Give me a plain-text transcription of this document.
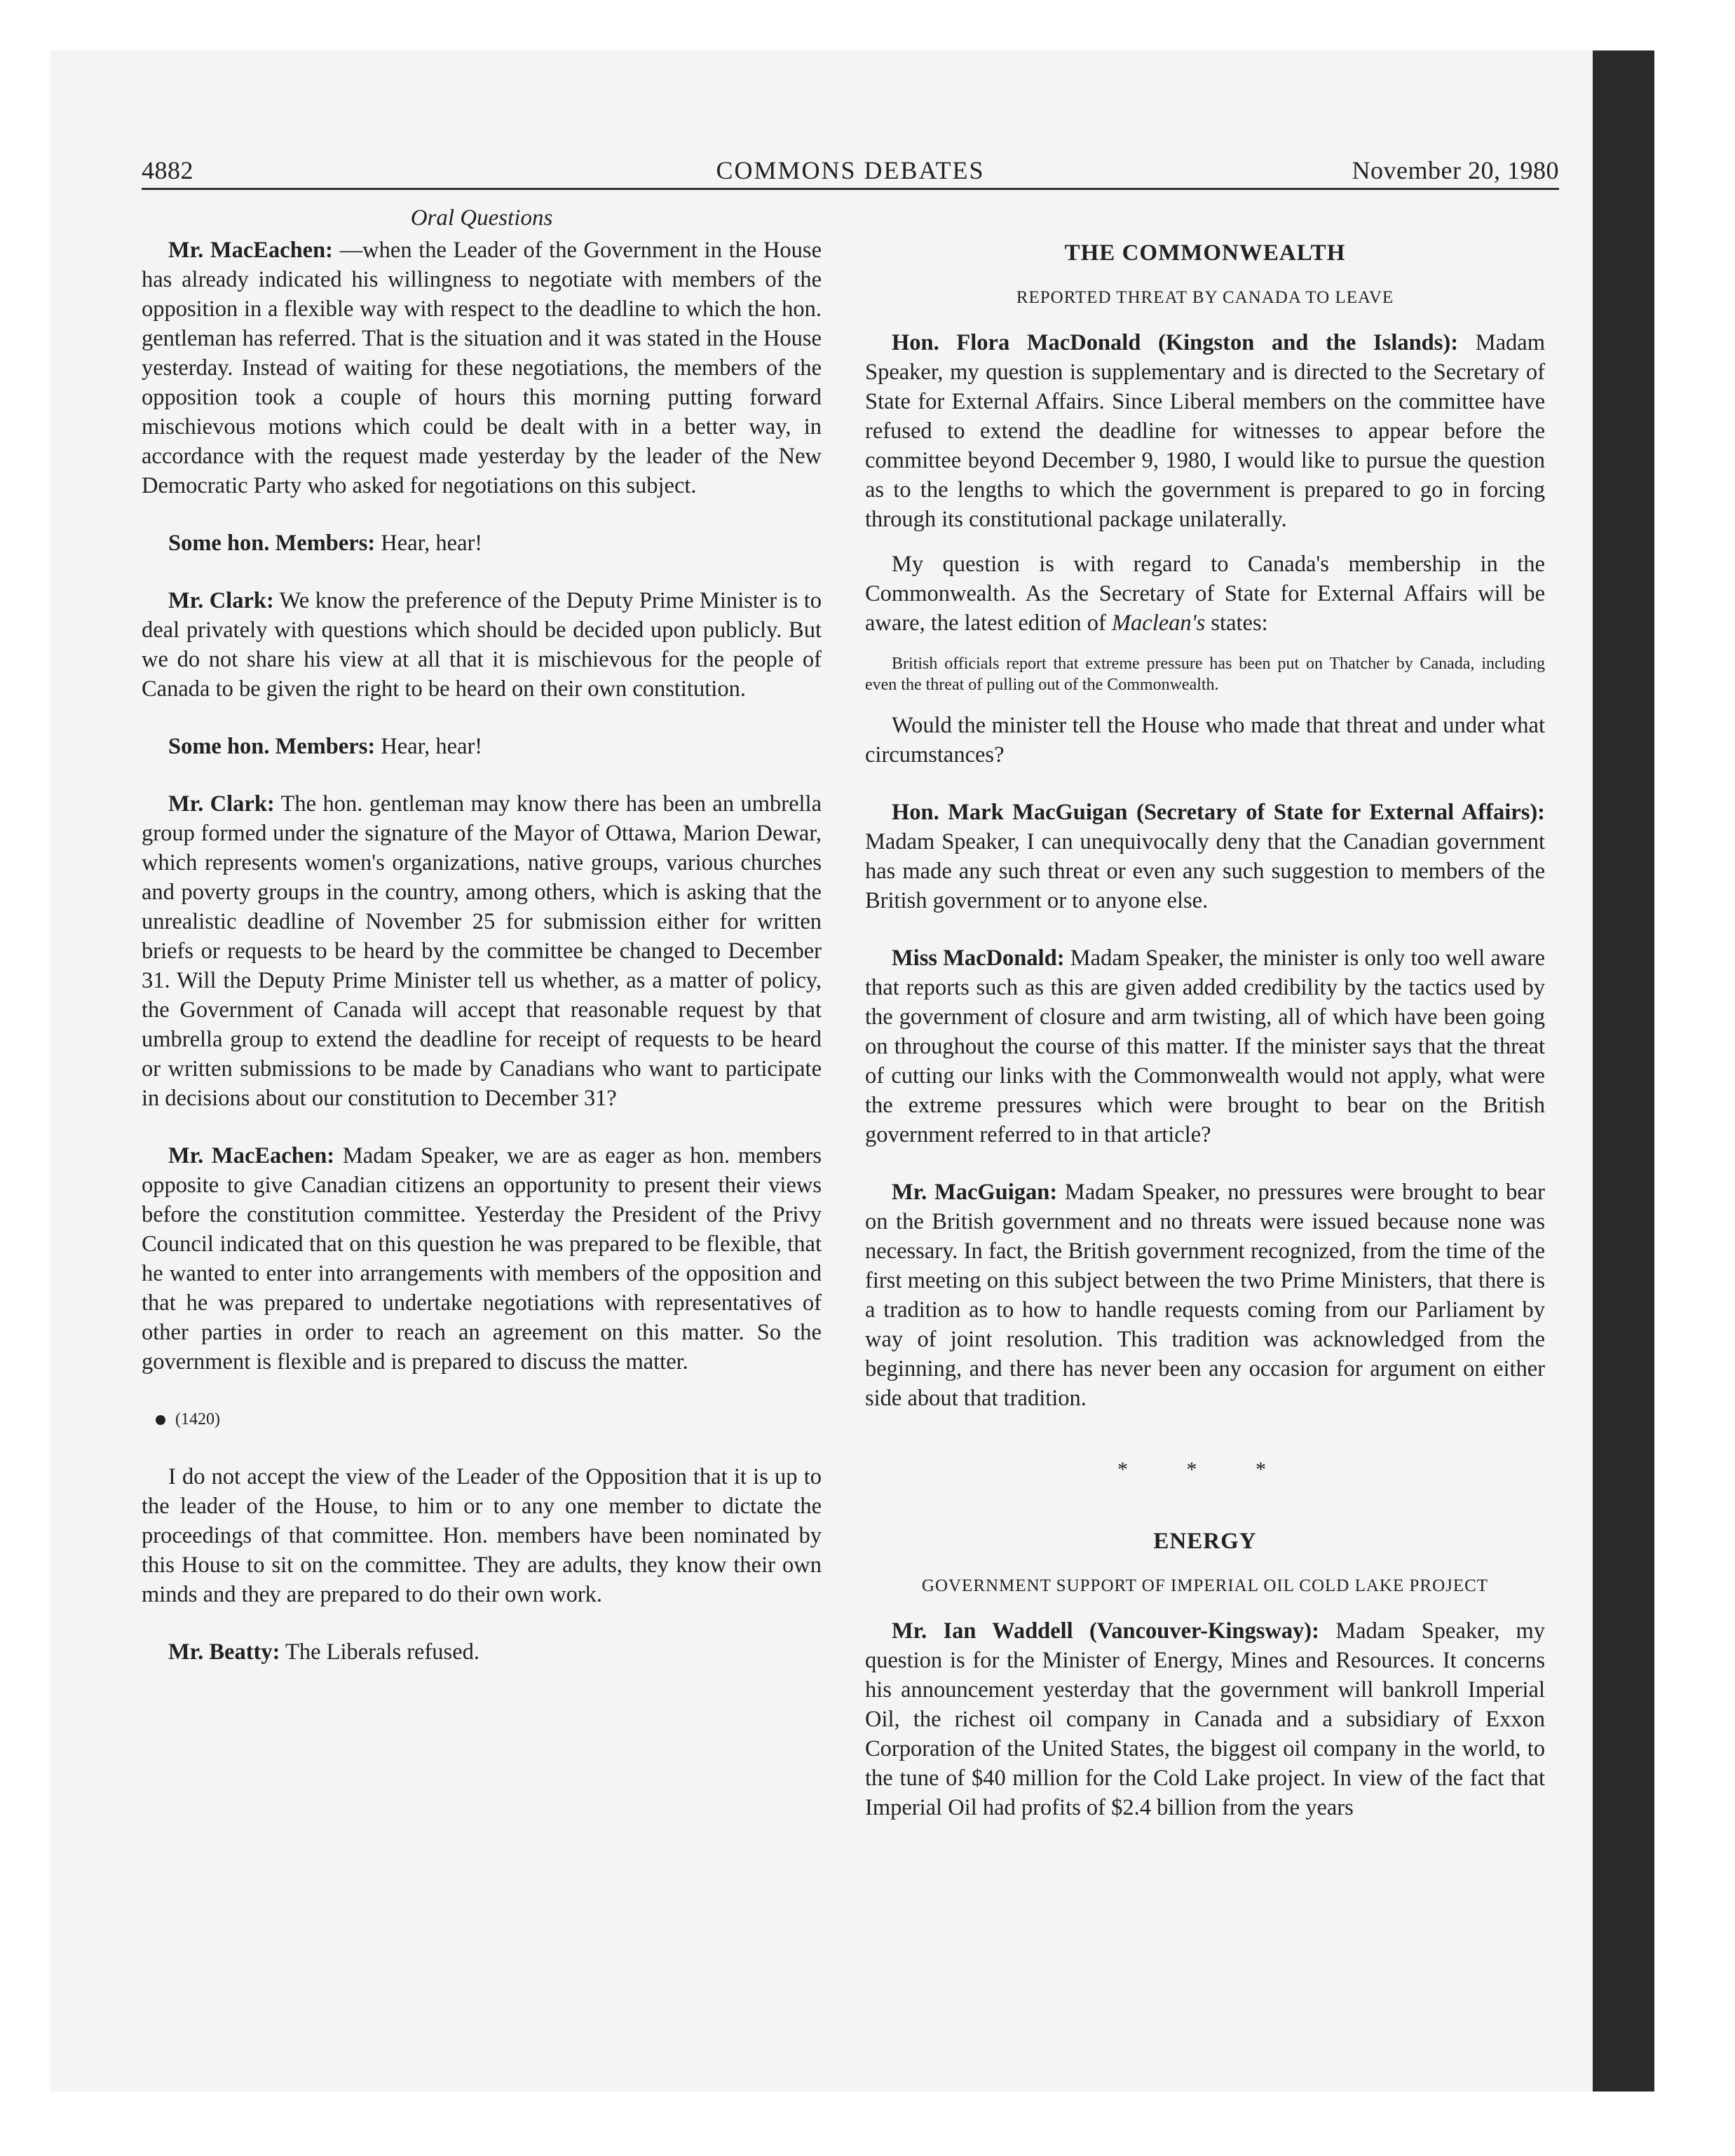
4882	COMMONS DEBATES	November 20, 1980
Oral Questions

Mr. MacEachen: —when the Leader of the Government in the House has already indicated his willingness to negotiate with members of the opposition in a flexible way with respect to the deadline to which the hon. gentleman has referred. That is the situation and it was stated in the House yesterday. Instead of waiting for these negotiations, the members of the opposition took a couple of hours this morning putting forward mischievous motions which could be dealt with in a better way, in accordance with the request made yesterday by the leader of the New Democratic Party who asked for negotiations on this subject.

Some hon. Members: Hear, hear!

Mr. Clark: We know the preference of the Deputy Prime Minister is to deal privately with questions which should be decided upon publicly. But we do not share his view at all that it is mischievous for the people of Canada to be given the right to be heard on their own constitution.

Some hon. Members: Hear, hear!

Mr. Clark: The hon. gentleman may know there has been an umbrella group formed under the signature of the Mayor of Ottawa, Marion Dewar, which represents women's organizations, native groups, various churches and poverty groups in the country, among others, which is asking that the unrealistic deadline of November 25 for submission either for written briefs or requests to be heard by the committee be changed to December 31. Will the Deputy Prime Minister tell us whether, as a matter of policy, the Government of Canada will accept that reasonable request by that umbrella group to extend the deadline for receipt of requests to be heard or written submissions to be made by Canadians who want to participate in decisions about our constitution to December 31?

Mr. MacEachen: Madam Speaker, we are as eager as hon. members opposite to give Canadian citizens an opportunity to present their views before the constitution committee. Yesterday the President of the Privy Council indicated that on this question he was prepared to be flexible, that he wanted to enter into arrangements with members of the opposition and that he was prepared to undertake negotiations with representatives of other parties in order to reach an agreement on this matter. So the government is flexible and is prepared to discuss the matter.

(1420)

I do not accept the view of the Leader of the Opposition that it is up to the leader of the House, to him or to any one member to dictate the proceedings of that committee. Hon. members have been nominated by this House to sit on the committee. They are adults, they know their own minds and they are prepared to do their own work.

Mr. Beatty: The Liberals refused.

THE COMMONWEALTH
REPORTED THREAT BY CANADA TO LEAVE

Hon. Flora MacDonald (Kingston and the Islands): Madam Speaker, my question is supplementary and is directed to the Secretary of State for External Affairs. Since Liberal members on the committee have refused to extend the deadline for witnesses to appear before the committee beyond December 9, 1980, I would like to pursue the question as to the lengths to which the government is prepared to go in forcing through its constitutional package unilaterally.

My question is with regard to Canada's membership in the Commonwealth. As the Secretary of State for External Affairs will be aware, the latest edition of Maclean's states:

British officials report that extreme pressure has been put on Thatcher by Canada, including even the threat of pulling out of the Commonwealth.

Would the minister tell the House who made that threat and under what circumstances?

Hon. Mark MacGuigan (Secretary of State for External Affairs): Madam Speaker, I can unequivocally deny that the Canadian government has made any such threat or even any such suggestion to members of the British government or to anyone else.

Miss MacDonald: Madam Speaker, the minister is only too well aware that reports such as this are given added credibility by the tactics used by the government of closure and arm twisting, all of which have been going on throughout the course of this matter. If the minister says that the threat of cutting our links with the Commonwealth would not apply, what were the extreme pressures which were brought to bear on the British government referred to in that article?

Mr. MacGuigan: Madam Speaker, no pressures were brought to bear on the British government and no threats were issued because none was necessary. In fact, the British government recognized, from the time of the first meeting on this subject between the two Prime Ministers, that there is a tradition as to how to handle requests coming from our Parliament by way of joint resolution. This tradition was acknowledged from the beginning, and there has never been any occasion for argument on either side about that tradition.

* * *
ENERGY
GOVERNMENT SUPPORT OF IMPERIAL OIL COLD LAKE PROJECT

Mr. Ian Waddell (Vancouver-Kingsway): Madam Speaker, my question is for the Minister of Energy, Mines and Resources. It concerns his announcement yesterday that the government will bankroll Imperial Oil, the richest oil company in Canada and a subsidiary of Exxon Corporation of the United States, the biggest oil company in the world, to the tune of $40 million for the Cold Lake project. In view of the fact that Imperial Oil had profits of $2.4 billion from the years
